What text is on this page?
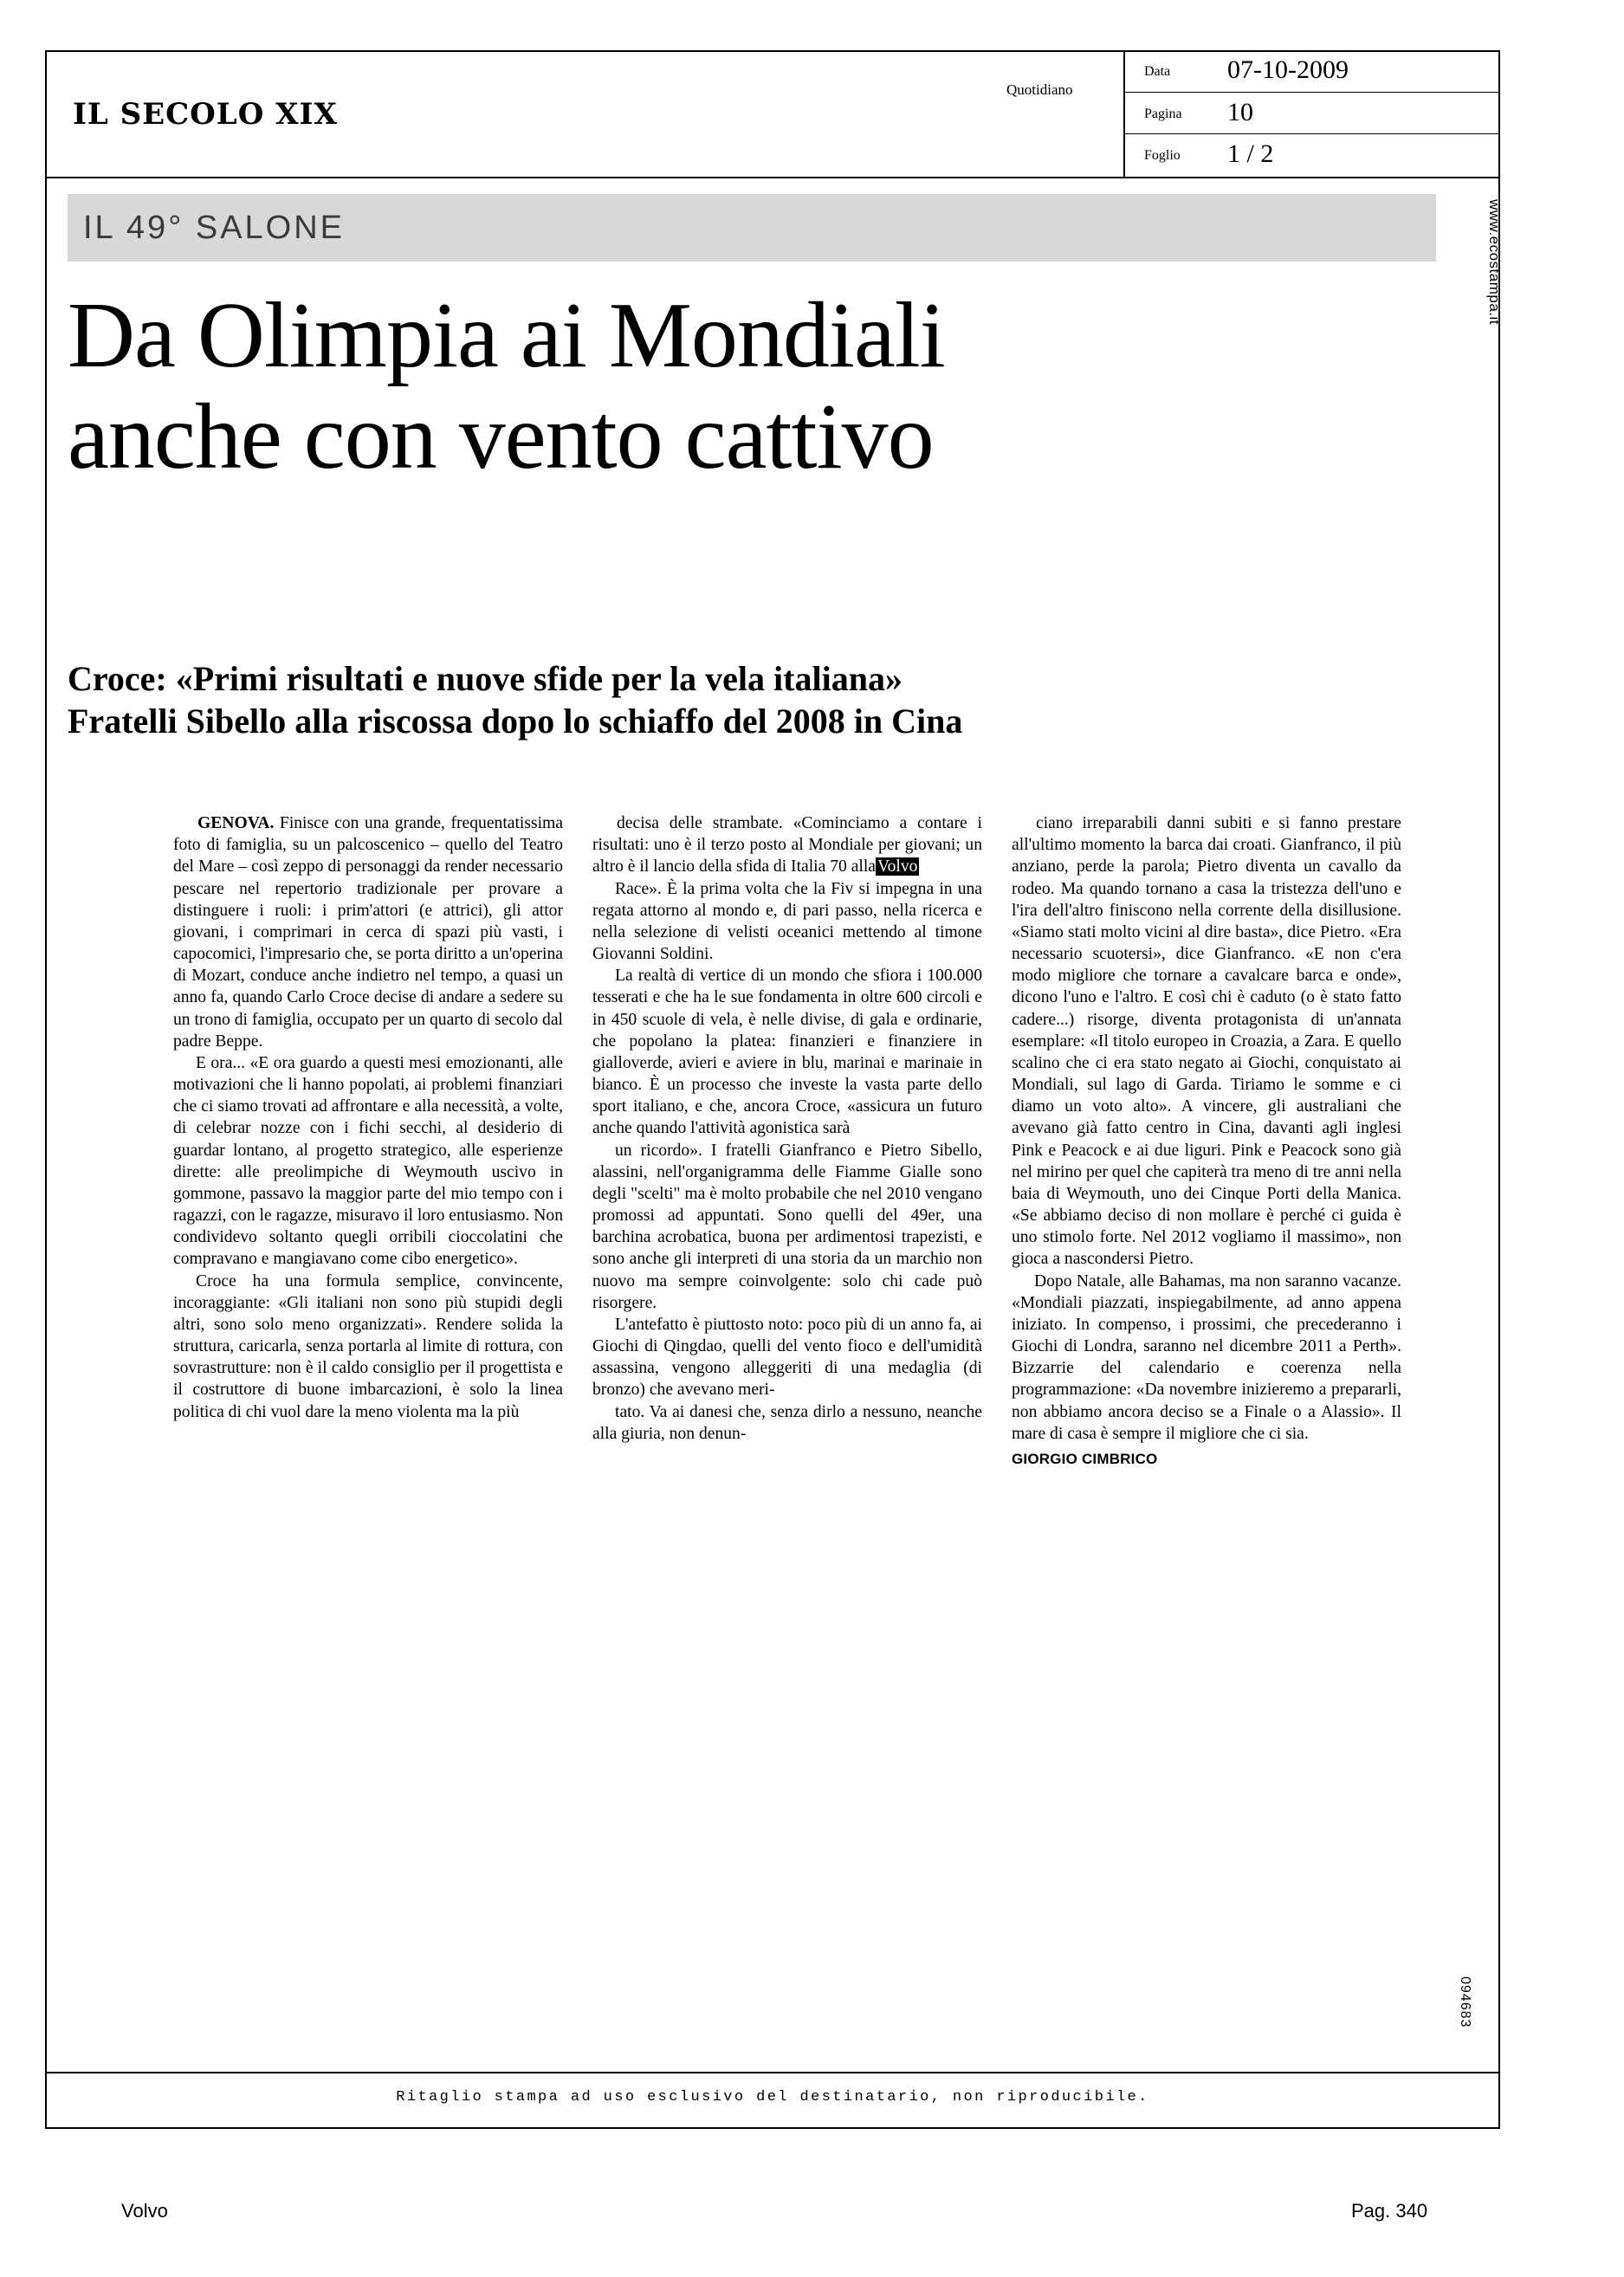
IL SECOLO XIX
Quotidiano
Data 07-10-2009
Pagina 10
Foglio 1 / 2
www.ecostampa.it
IL 49° SALONE
Da Olimpia ai Mondiali
anche con vento cattivo
Croce: «Primi risultati e nuove sfide per la vela italiana»
Fratelli Sibello alla riscossa dopo lo schiaffo del 2008 in Cina

GENOVA. Finisce con una grande, frequentatissima foto di famiglia, su un palcoscenico – quello del Teatro del Mare – così zeppo di personaggi da render necessario pescare nel repertorio tradizionale per provare a distinguere i ruoli: i prim'attori (e attrici), gli attor giovani, i comprimari in cerca di spazi più vasti, i capocomici, l'impresario che, se porta diritto a un'operina di Mozart, conduce anche indietro nel tempo, a quasi un anno fa, quando Carlo Croce decise di andare a sedere su un trono di famiglia, occupato per un quarto di secolo dal padre Beppe.

E ora... «E ora guardo a questi mesi emozionanti, alle motivazioni che li hanno popolati, ai problemi finanziari che ci siamo trovati ad affrontare e alla necessità, a volte, di celebrar nozze con i fichi secchi, al desiderio di guardar lontano, al progetto strategico, alle esperienze dirette: alle preolimpiche di Weymouth uscivo in gommone, passavo la maggior parte del mio tempo con i ragazzi, con le ragazze, misuravo il loro entusiasmo. Non condividevo soltanto quegli orribili cioccolatini che compravano e mangiavano come cibo energetico».

Croce ha una formula semplice, convincente, incoraggiante: «Gli italiani non sono più stupidi degli altri, sono solo meno organizzati». Rendere solida la struttura, caricarla, senza portarla al limite di rottura, con sovrastrutture: non è il caldo consiglio per il progettista e il costruttore di buone imbarcazioni, è solo la linea politica di chi vuol dare la meno violenta ma la più

decisa delle strambate. «Cominciamo a contare i risultati: uno è il terzo posto al Mondiale per giovani; un altro è il lancio della sfida di Italia 70 alla Volvo

Race». È la prima volta che la Fiv si impegna in una regata attorno al mondo e, di pari passo, nella ricerca e nella selezione di velisti oceanici mettendo al timone Giovanni Soldini.

La realtà di vertice di un mondo che sfiora i 100.000 tesserati e che ha le sue fondamenta in oltre 600 circoli e in 450 scuole di vela, è nelle divise, di gala e ordinarie, che popolano la platea: finanzieri e finanziere in gialloverde, avieri e aviere in blu, marinai e marinaie in bianco. È un processo che investe la vasta parte dello sport italiano, e che, ancora Croce, «assicura un futuro anche quando l'attività agonistica sarà

un ricordo». I fratelli Gianfranco e Pietro Sibello, alassini, nell'organigramma delle Fiamme Gialle sono degli "scelti" ma è molto probabile che nel 2010 vengano promossi ad appuntati. Sono quelli del 49er, una barchina acrobatica, buona per ardimentosi trapezisti, e sono anche gli interpreti di una storia da un marchio non nuovo ma sempre coinvolgente: solo chi cade può risorgere.

L'antefatto è piuttosto noto: poco più di un anno fa, ai Giochi di Qingdao, quelli del vento fioco e dell'umidità assassina, vengono alleggeriti di una medaglia (di bronzo) che avevano meri-

tato. Va ai danesi che, senza dirlo a nessuno, neanche alla giuria, non denun-

ciano irreparabili danni subiti e si fanno prestare all'ultimo momento la barca dai croati. Gianfranco, il più anziano, perde la parola; Pietro diventa un cavallo da rodeo. Ma quando tornano a casa la tristezza dell'uno e l'ira dell'altro finiscono nella corrente della disillusione. «Siamo stati molto vicini al dire basta», dice Pietro. «Era necessario scuotersi», dice Gianfranco. «E non c'era modo migliore che tornare a cavalcare barca e onde», dicono l'uno e l'altro. E così chi è caduto (o è stato fatto cadere...) risorge, diventa protagonista di un'annata esemplare: «Il titolo europeo in Croazia, a Zara. E quello scalino che ci era stato negato ai Giochi, conquistato ai Mondiali, sul lago di Garda. Tiriamo le somme e ci diamo un voto alto». A vincere, gli australiani che avevano già fatto centro in Cina, davanti agli inglesi Pink e Peacock e ai due liguri. Pink e Peacock sono già nel mirino per quel che capiterà tra meno di tre anni nella baia di Weymouth, uno dei Cinque Porti della Manica. «Se abbiamo deciso di non mollare è perché ci guida è uno stimolo forte. Nel 2012 vogliamo il massimo», non gioca a nascondersi Pietro.

Dopo Natale, alle Bahamas, ma non saranno vacanze. «Mondiali piazzati, inspiegabilmente, ad anno appena iniziato. In compenso, i prossimi, che precederanno i Giochi di Londra, saranno nel dicembre 2011 a Perth». Bizzarrie del calendario e coerenza nella programmazione: «Da novembre inizieremo a prepararli, non abbiamo ancora deciso se a Finale o a Alassio». Il mare di casa è sempre il migliore che ci sia.

GIORGIO CIMBRICO

094683
Ritaglio stampa ad uso esclusivo del destinatario, non riproducibile.
Volvo	Pag. 340
